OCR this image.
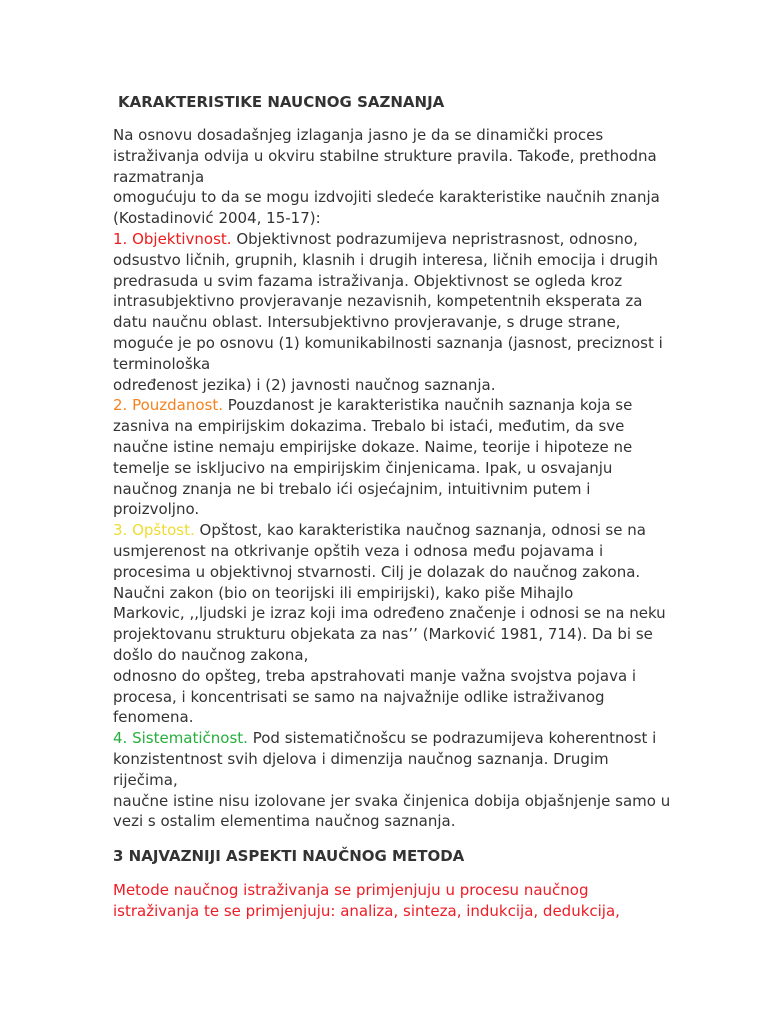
KARAKTERISTIKE NAUCNOG SAZNANJA
Na osnovu dosadašnjeg izlaganja jasno je da se dinamički proces
istraživanja odvija u okviru stabilne strukture pravila. Takođe, prethodna
razmatranja
omogućuju to da se mogu izdvojiti sledeće karakteristike naučnih znanja
(Kostadinović 2004, 15-17):
1. Objektivnost. Objektivnost podrazumijeva nepristrasnost, odnosno,
odsustvo ličnih, grupnih, klasnih i drugih interesa, ličnih emocija i drugih
predrasuda u svim fazama istraživanja. Objektivnost se ogleda kroz
intrasubjektivno provjeravanje nezavisnih, kompetentnih eksperata za
datu naučnu oblast. Intersubjektivno provjeravanje, s druge strane,
moguće je po osnovu (1) komunikabilnosti saznanja (jasnost, preciznost i
terminološka
određenost jezika) i (2) javnosti naučnog saznanja.
2. Pouzdanost. Pouzdanost je karakteristika naučnih saznanja koja se
zasniva na empirijskim dokazima. Trebalo bi istaći, međutim, da sve
naučne istine nemaju empirijske dokaze. Naime, teorije i hipoteze ne
temelje se iskljucivo na empirijskim činjenicama. Ipak, u osvajanju
naučnog znanja ne bi trebalo ići osjećajnim, intuitivnim putem i
proizvoljno.
3. Opštost. Opštost, kao karakteristika naučnog saznanja, odnosi se na
usmjerenost na otkrivanje opštih veza i odnosa među pojavama i
procesima u objektivnoj stvarnosti. Cilj je dolazak do naučnog zakona.
Naučni zakon (bio on teorijski ili empirijski), kako piše Mihajlo
Markovic, ,,ljudski je izraz koji ima određeno značenje i odnosi se na neku
projektovanu strukturu objekata za nas’’ (Marković 1981, 714). Da bi se
došlo do naučnog zakona,
odnosno do opšteg, treba apstrahovati manje važna svojstva pojava i
procesa, i koncentrisati se samo na najvažnije odlike istraživanog
fenomena.
4. Sistematičnost. Pod sistematičnošcu se podrazumijeva koherentnost i
konzistentnost svih djelova i dimenzija naučnog saznanja. Drugim
riječima,
naučne istine nisu izolovane jer svaka činjenica dobija objašnjenje samo u
vezi s ostalim elementima naučnog saznanja.
3 NAJVAZNIJI ASPEKTI NAUČNOG METODA
Metode naučnog istraživanja se primjenjuju u procesu naučnog
istraživanja te se primjenjuju: analiza, sinteza, indukcija, dedukcija,
